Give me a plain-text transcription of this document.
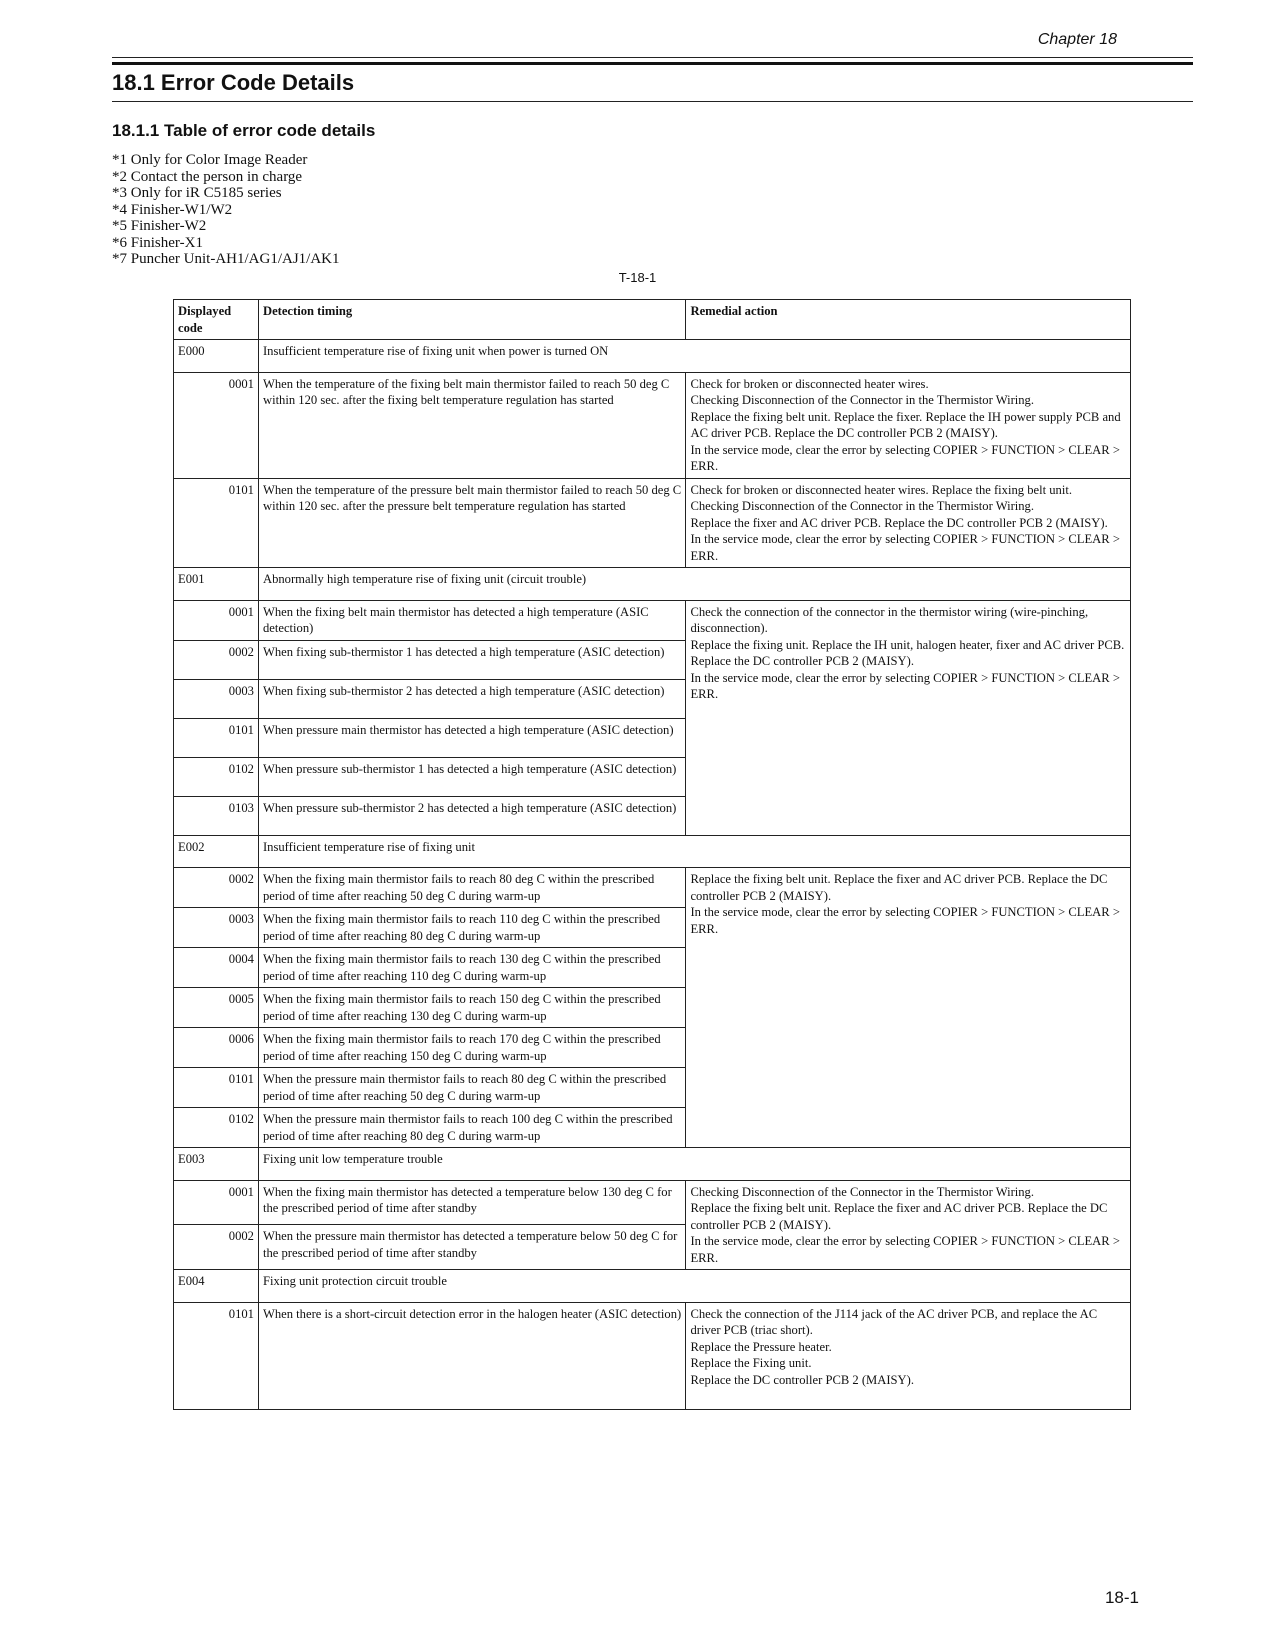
Chapter 18
18.1 Error Code Details
18.1.1 Table of error code details
*1 Only for Color Image Reader
*2 Contact the person in charge
*3 Only for iR C5185 series
*4 Finisher-W1/W2
*5 Finisher-W2
*6 Finisher-X1
*7 Puncher Unit-AH1/AG1/AJ1/AK1
T-18-1
Displayed code	Detection timing	Remedial action
E000	Insufficient temperature rise of fixing unit when power is turned ON	
0001	When the temperature of the fixing belt main thermistor failed to reach 50 deg C within 120 sec. after the fixing belt temperature regulation has started	Check for broken or disconnected heater wires.
Checking Disconnection of the Connector in the Thermistor Wiring.
Replace the fixing belt unit. Replace the fixer. Replace the IH power supply PCB and AC driver PCB. Replace the DC controller PCB 2 (MAISY).
In the service mode, clear the error by selecting COPIER > FUNCTION > CLEAR > ERR.
0101	When the temperature of the pressure belt main thermistor failed to reach 50 deg C within 120 sec. after the pressure belt temperature regulation has started	Check for broken or disconnected heater wires. Replace the fixing belt unit.
Checking Disconnection of the Connector in the Thermistor Wiring.
Replace the fixer and AC driver PCB. Replace the DC controller PCB 2 (MAISY).
In the service mode, clear the error by selecting COPIER > FUNCTION > CLEAR > ERR.
E001	Abnormally high temperature rise of fixing unit (circuit trouble)	
0001	When the fixing belt main thermistor has detected a high temperature (ASIC detection)	Check the connection of the connector in the thermistor wiring (wire-pinching, disconnection).
Replace the fixing unit. Replace the IH unit, halogen heater, fixer and AC driver PCB. Replace the DC controller PCB 2 (MAISY).
In the service mode, clear the error by selecting COPIER > FUNCTION > CLEAR > ERR.
0002	When fixing sub-thermistor 1 has detected a high temperature (ASIC detection)	
0003	When fixing sub-thermistor 2 has detected a high temperature (ASIC detection)	
0101	When pressure main thermistor has detected a high temperature (ASIC detection)	
0102	When pressure sub-thermistor 1 has detected a high temperature (ASIC detection)	
0103	When pressure sub-thermistor 2 has detected a high temperature (ASIC detection)	
E002	Insufficient temperature rise of fixing unit	
0002	When the fixing main thermistor fails to reach 80 deg C within the prescribed period of time after reaching 50 deg C during warm-up	Replace the fixing belt unit. Replace the fixer and AC driver PCB. Replace the DC controller PCB 2 (MAISY).
In the service mode, clear the error by selecting COPIER > FUNCTION > CLEAR > ERR.
0003	When the fixing main thermistor fails to reach 110 deg C within the prescribed period of time after reaching 80 deg C during warm-up	
0004	When the fixing main thermistor fails to reach 130 deg C within the prescribed period of time after reaching 110 deg C during warm-up	
0005	When the fixing main thermistor fails to reach 150 deg C within the prescribed period of time after reaching 130 deg C during warm-up	
0006	When the fixing main thermistor fails to reach 170 deg C within the prescribed period of time after reaching 150 deg C during warm-up	
0101	When the pressure main thermistor fails to reach 80 deg C within the prescribed period of time after reaching 50 deg C during warm-up	
0102	When the pressure main thermistor fails to reach 100 deg C within the prescribed period of time after reaching 80 deg C during warm-up	
E003	Fixing unit low temperature trouble	
0001	When the fixing main thermistor has detected a temperature below 130 deg C for the prescribed period of time after standby	Checking Disconnection of the Connector in the Thermistor Wiring.
Replace the fixing belt unit. Replace the fixer and AC driver PCB. Replace the DC controller PCB 2 (MAISY).
In the service mode, clear the error by selecting COPIER > FUNCTION > CLEAR > ERR.
0002	When the pressure main thermistor has detected a temperature below 50 deg C for the prescribed period of time after standby	
E004	Fixing unit protection circuit trouble	
0101	When there is a short-circuit detection error in the halogen heater (ASIC detection)	Check the connection of the J114 jack of the AC driver PCB, and replace the AC driver PCB (triac short).
Replace the Pressure heater.
Replace the Fixing unit.
Replace the DC controller PCB 2 (MAISY).
18-1
